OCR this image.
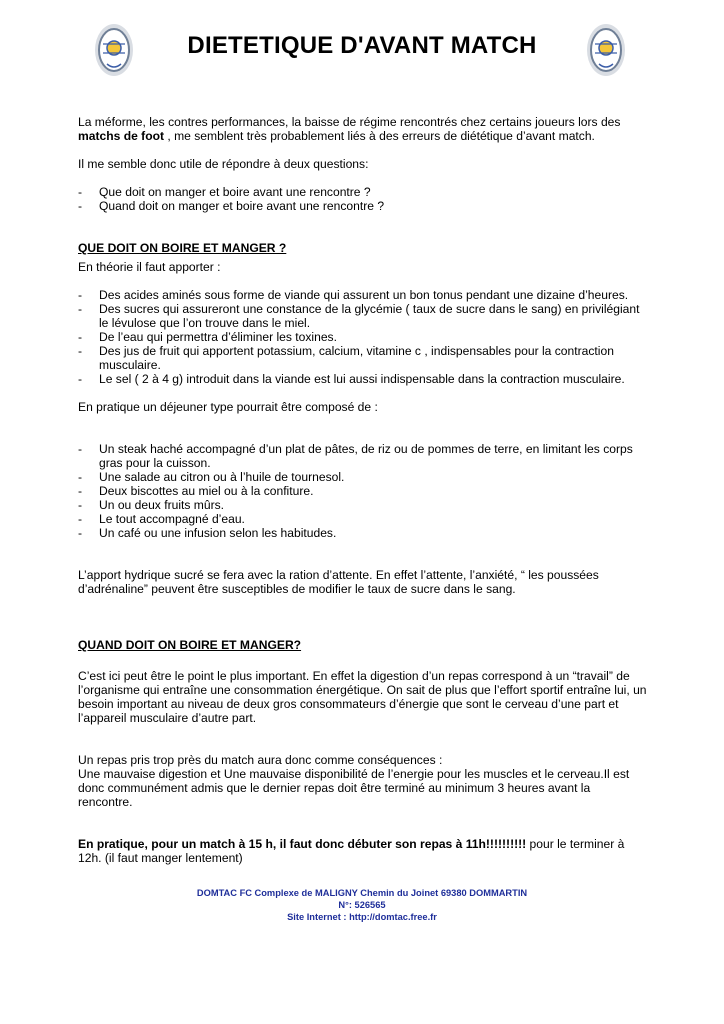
DIETETIQUE D'AVANT MATCH
La méforme, les contres performances, la baisse de régime rencontrés chez certains joueurs lors des matchs de foot , me semblent très probablement liés à des erreurs de diététique d’avant match.
Il me semble donc utile de répondre à deux questions:
- Que doit on manger et boire avant une rencontre ?
- Quand doit on manger et boire avant une rencontre ?
QUE DOIT ON BOIRE ET MANGER ?
En théorie il faut apporter :
- Des acides aminés sous forme de viande qui assurent un bon tonus pendant une dizaine d’heures.
- Des sucres qui assureront une constance de la glycémie ( taux de sucre dans le sang) en privilégiant le lévulose que l’on trouve dans le miel.
- De l’eau qui permettra d’éliminer les toxines.
- Des jus de fruit qui apportent potassium, calcium, vitamine c , indispensables pour la contraction musculaire.
- Le sel ( 2 à 4 g) introduit dans la viande est lui aussi indispensable dans la contraction musculaire.
En pratique un déjeuner type pourrait être composé de :
- Un steak haché accompagné d’un plat de pâtes, de riz ou de pommes de terre, en limitant les corps gras pour la cuisson.
- Une salade au citron ou à l’huile de tournesol.
- Deux biscottes au miel ou à la confiture.
- Un ou deux fruits mûrs.
- Le tout accompagné d’eau.
- Un café ou une infusion selon les habitudes.
L’apport hydrique sucré se fera avec la ration d’attente. En effet l’attente, l’anxiété, “ les poussées d’adrénaline” peuvent être susceptibles de modifier le taux de sucre dans le sang.
QUAND DOIT ON BOIRE ET MANGER?
C’est ici peut être le point le plus important. En effet la digestion d’un repas correspond à un “travail” de l’organisme qui entraîne une consommation énergétique. On sait de plus que l’effort sportif entraîne lui, un besoin important au niveau de deux gros consommateurs d’énergie que sont le cerveau d’une part et l’appareil musculaire d’autre part.
Un repas pris trop près du match aura donc comme conséquences :
Une mauvaise digestion et Une mauvaise disponibilité de l’energie pour les muscles et le cerveau.Il est donc communément admis que le dernier repas doit être terminé au minimum 3 heures avant la rencontre.
En pratique, pour un match à 15 h, il faut donc débuter son repas à 11h!!!!!!!!!! pour le terminer à 12h. (il faut manger lentement)
DOMTAC FC Complexe de MALIGNY Chemin du Joinet 69380 DOMMARTIN
N°: 526565
Site Internet : http://domtac.free.fr
